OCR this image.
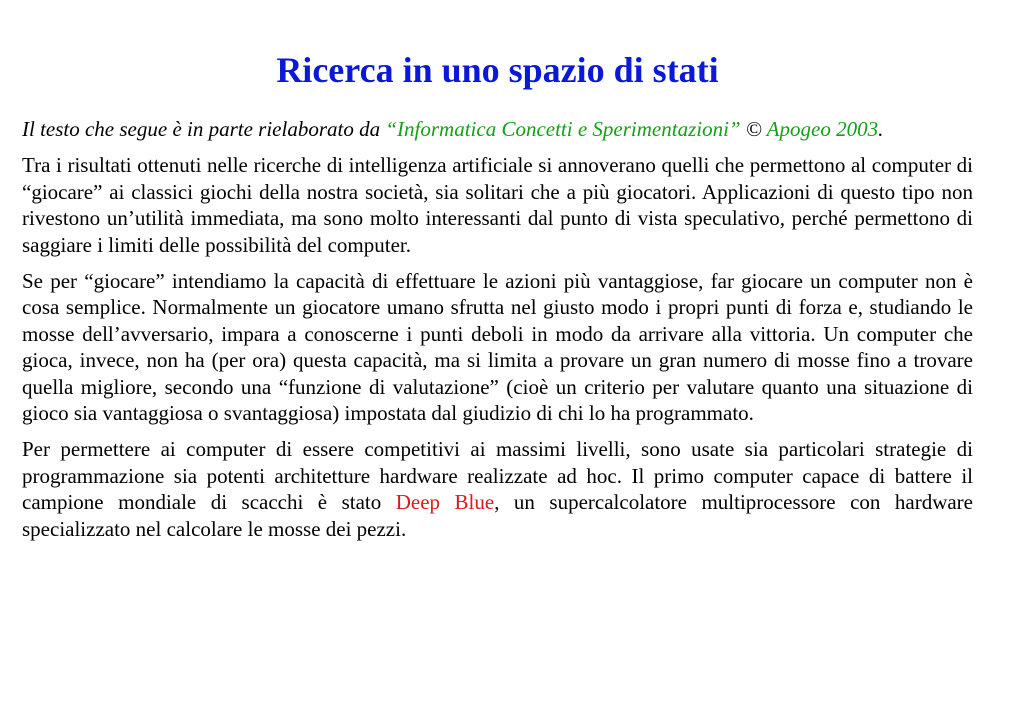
Ricerca in uno spazio di stati

Il testo che segue è in parte rielaborato da “Informatica Concetti e Sperimentazioni” © Apogeo 2003.

Tra i risultati ottenuti nelle ricerche di intelligenza artificiale si annoverano quelli che permettono al computer di “giocare” ai classici giochi della nostra società, sia solitari che a più giocatori. Applicazioni di questo tipo non rivestono un’utilità immediata, ma sono molto interessanti dal punto di vista speculativo, perché permettono di saggiare i limiti delle possibilità del computer.

Se per “giocare” intendiamo la capacità di effettuare le azioni più vantaggiose, far giocare un computer non è cosa semplice. Normalmente un giocatore umano sfrutta nel giusto modo i propri punti di forza e, studiando le mosse dell’avversario, impara a conoscerne i punti deboli in modo da arrivare alla vittoria. Un computer che gioca, invece, non ha (per ora) questa capacità, ma si limita a provare un gran numero di mosse fino a trovare quella migliore, secondo una “funzione di valutazione” (cioè un criterio per valutare quanto una situazione di gioco sia vantaggiosa o svantaggiosa) impostata dal giudizio di chi lo ha programmato.

Per permettere ai computer di essere competitivi ai massimi livelli, sono usate sia particolari strategie di programmazione sia potenti architetture hardware realizzate ad hoc. Il primo computer capace di battere il campione mondiale di scacchi è stato Deep Blue, un supercalcolatore multiprocessore con hardware specializzato nel calcolare le mosse dei pezzi.
